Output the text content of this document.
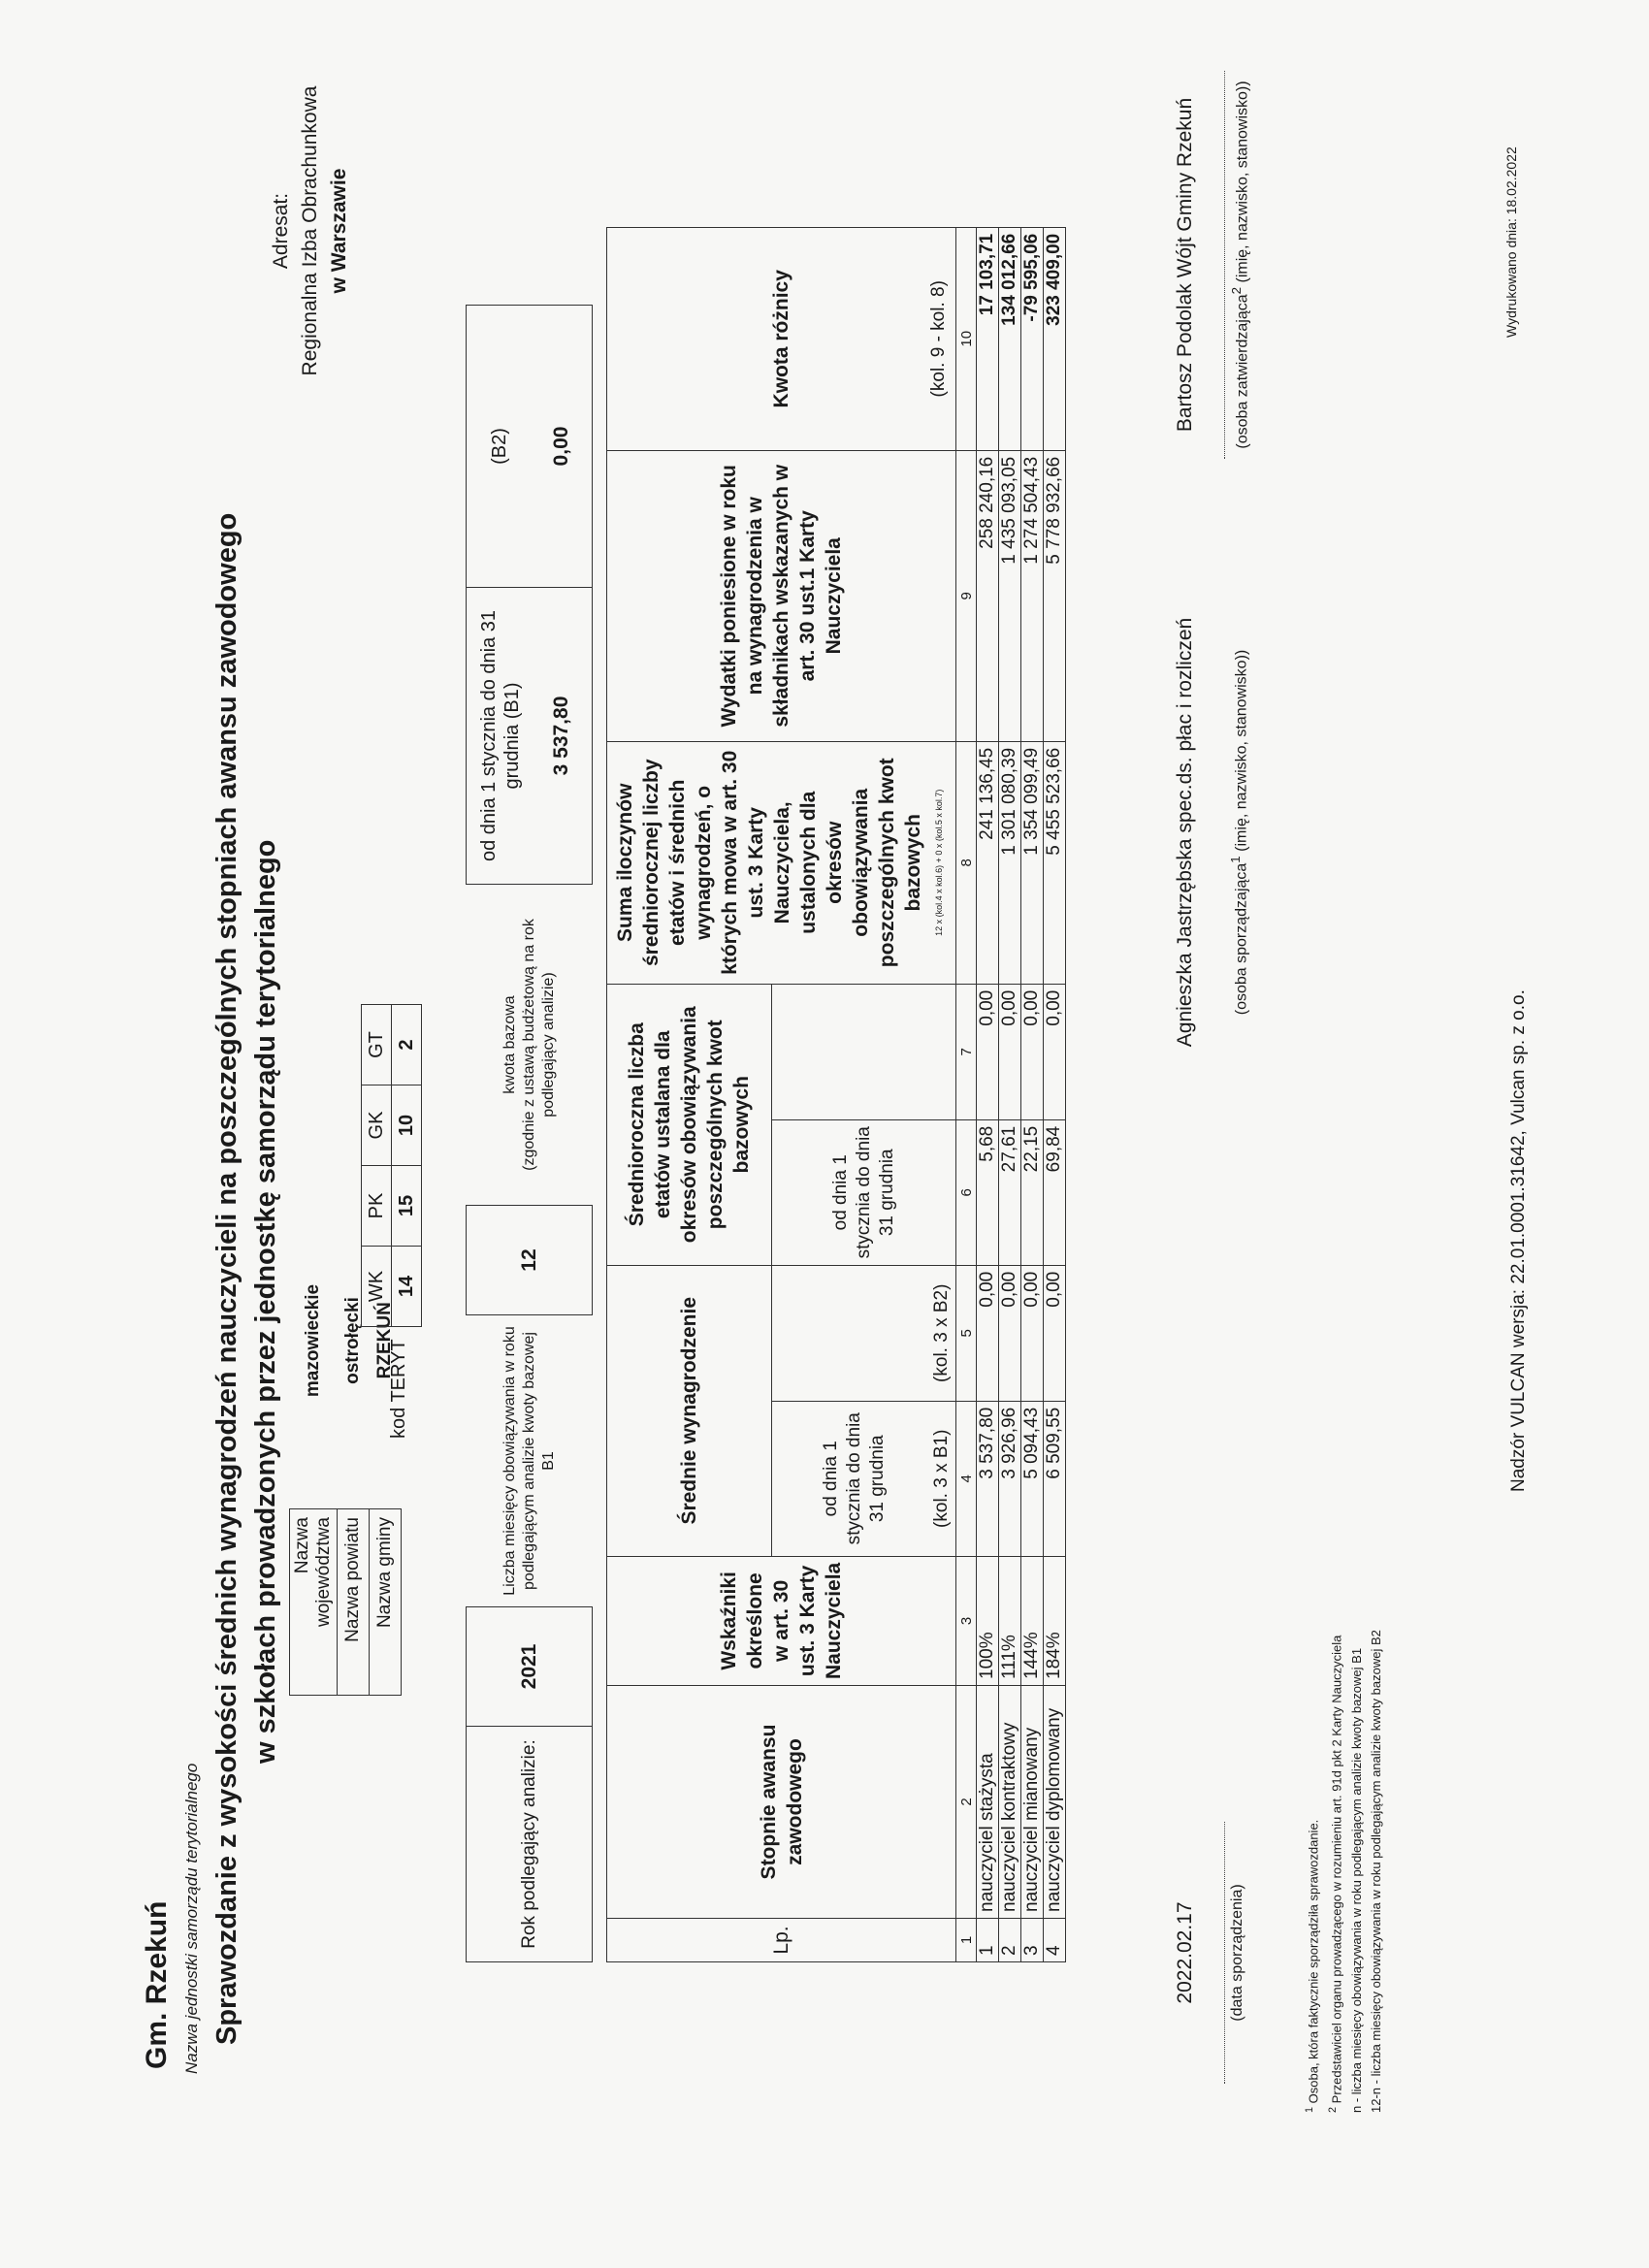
Gm. Rzekuń Nazwa jednostki samorządu terytorialnego Sprawozdanie z wysokości średnich wynagrodzeń nauczycieli na poszczególnych stopniach awansu zawodowego w szkołach prowadzonych przez jednostkę samorządu terytorialnego Nazwa województwa	mazowieckie
Nazwa powiatu	ostrołęcki
Nazwa gminy	RZEKUŃ
kod TERYT
WK	PK	GK	GT
14	15	10	2
Adresat: Regionalna Izba Obrachunkowa w Warszawie
Rok podlegający analizie:	2021	Liczba miesięcy obowiązywania w roku podlegającym analizie kwoty bazowej B1	12	
kwota bazowa (zgodnie z ustawą budżetową na rok podlegający analizie)

od dnia 1 stycznia do dnia 31 grudnia (B1)	3 537,80

(B2)	0,00
Lp.	Stopnie awansu zawodowego	Wskaźniki określone w art. 30 ust. 3 Karty Nauczyciela	Średnie wynagrodzenie		Średnioroczna liczba etatów ustalana dla okresów obowiązywania poszczególnych kwot bazowych		Suma iloczynów średniorocznej liczby etatów i średnich wynagrodzeń, o których mowa w art. 30 ust. 3 Karty Nauczyciela, ustalonych dla okresów obowiązywania poszczególnych kwot bazowych 12 x (kol.4 x kol.6) + 0 x (kol.5 x kol.7)	Wydatki poniesione w roku na wynagrodzenia w składnikach wskazanych w art. 30 ust.1 Karty Nauczyciela	Kwota różnicy (kol. 9 - kol. 8)

			od dnia 1 stycznia do dnia 31 grudnia (kol. 3 x B1)	(kol. 3 x B2)	od dnia 1 stycznia do dnia 31 grudnia				
1	2	3	4	5	6	7	8	9	10
1	nauczyciel stażysta	100%	3 537,80	0,00	5,68	0,00	241 136,45	258 240,16	17 103,71
2	nauczyciel kontraktowy	111%	3 926,96	0,00	27,61	0,00	1 301 080,39	1 435 093,05	134 012,66
3	nauczyciel mianowany	144%	5 094,43	0,00	22,15	0,00	1 354 099,49	1 274 504,43	-79 595,06
4	nauczyciel dyplomowany	184%	6 509,55	0,00	69,84	0,00	5 455 523,66	5 778 932,66	323 409,00
2022.02.17	(data sporządzenia)
Agnieszka Jastrzębska spec.ds. płac i rozliczeń	(osoba sporządzająca$^1$ (imię, nazwisko, stanowisko))
Bartosz Podolak Wójt Gminy Rzekuń	(osoba zatwierdzająca$^2$ (imię, nazwisko, stanowisko))
$^1$ Osoba, która faktycznie sporządziła sprawozdanie.
$^2$ Przedstawiciel organu prowadzącego w rozumieniu art. 91d pkt 2 Karty Nauczyciela n - liczba miesięcy obowiązywania w roku podlegającym analizie kwoty bazowej B1 12-n - liczba miesięcy obowiązywania w roku podlegającym analizie kwoty bazowej B2
Nadzór VULCAN wersja: 22.01.0001.31642, Vulcan sp. z o.o.
Wydrukowano dnia: 18.02.2022
